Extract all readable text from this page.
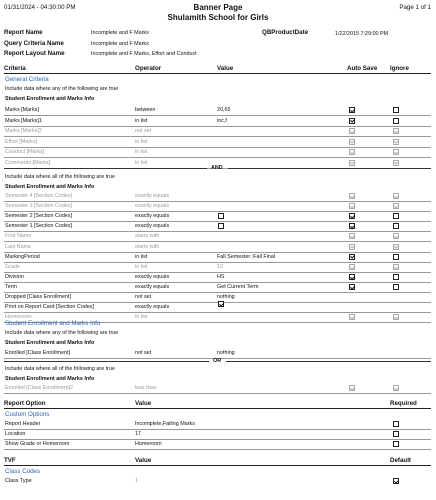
01/31/2024 - 04:30:00 PM	Banner Page
Shulamith School for Girls
Page 1 of 1
Report Name	Incomplete and F Marks
Query Criteria Name	Incomplete and F Marks
Report Layout Name	Incomplete and F Marks, Effort and Conduct
QBProductDate	1/22/2015 7:29:00 PM
Criteria	Operator	Value	Auto Save Ignore
General Criteria
Include data where any of the following are true
Student Enrollment and Marks Info
Marks [Marks]	between	20,65
Marks [Marks]1	in list	inc,f
Marks [Marks]2	not set
Effort [Marks]	in list
Conduct [Marks]	in list
Comments [Marks]	in list
AND
Include data where all of the following are true
Student Enrollment and Marks Info
Semester 4 [Section Codes]	exactly equals
Semester 3 [Section Codes]	exactly equals
Semester 2 [Section Codes]	exactly equals
Semester 1 [Section Codes]	exactly equals
First Name	starts with
Last Name	starts with
MarkingPeriod	in list	Fall Semester ;Fall Final
Grade	in list	12
Division	exactly equals	HS
Term	exactly equals	Get Current Term
Dropped [Class Enrollment]	not set	nothing
Print on Report Card [Section Codes]	exactly equals
Homeroom	in list
Student Enrollment and Marks Info
Include data where any of the following are true
Student Enrollment and Marks Info
Enrolled [Class Enrollment]	not set	nothing
OR
Include data where all of the following are true
Student Enrollment and Marks Info
Enrolled [Class Enrollment]2	less than
Report Option	Value	Required
Custom Options
Report Header	Incomplete,Failing Marks
Location	17
Show Grade or Homeroom	Homeroom
TVF	Value	Default
Class Codes
Class Type	1
